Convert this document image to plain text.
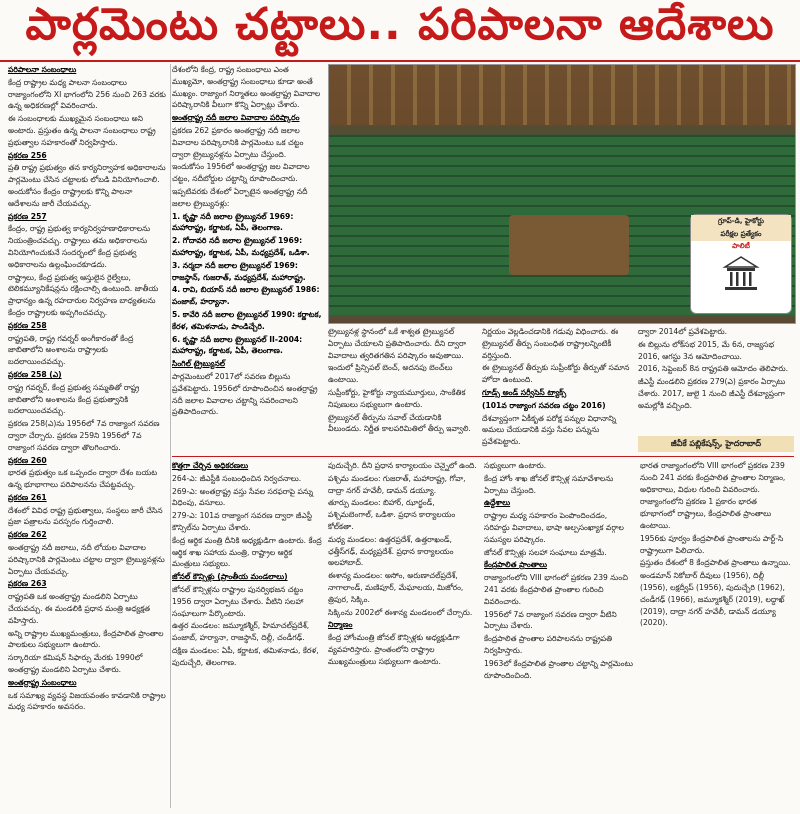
పార్లమెంటు చట్టాలు.. పరిపాలనా ఆదేశాలు

పరిపాలనా సంబంధాలు

కేంద్ర రాష్ట్రాల మధ్య పాలనా సంబంధాలు రాజ్యాంగంలోని XI భాగంలోని 256 నుంచి 263 వరకు ఉన్న అధికరణల్లో వివరించారు.

ఈ సంబంధాలకు ముఖ్యమైన సంబంధాలు అని అంటారు. ప్రస్తుతం ఉన్న పాలనా సంబంధాలు రాష్ట్ర ప్రభుత్వాల సహకారంతో నిర్వహిస్తారు.

ప్రకరణ 256

ప్రతి రాష్ట్ర ప్రభుత్వం తన కార్యనిర్వాహక అధికారాలను పార్లమెంటు చేసిన చట్టాలకు లోబడి వినియోగించాలి. అందుకోసం కేంద్రం రాష్ట్రాలకు కొన్ని పాలనా ఆదేశాలను జారీ చేయవచ్చు.

ప్రకరణ 257

కేంద్రం, రాష్ట్ర ప్రభుత్వ కార్యనిర్వహణాధికారాలను నియంత్రించవచ్చు. రాష్ట్రాలు తమ అధికారాలను వినియోగించుకునే సందర్భంలో కేంద్ర ప్రభుత్వ అధికారాలను ఉల్లంఘించకూడదు.

రాష్ట్రాలు, కేంద్ర ప్రభుత్వ ఆస్తులైన రైల్వేలు, టెలికమ్యూనికేషన్లను రక్షించాల్సి ఉంటుంది. జాతీయ ప్రాధాన్యం ఉన్న రహదారుల నిర్వహణ బాధ్యతలను కేంద్రం రాష్ట్రాలకు అప్పగించవచ్చు.

ప్రకరణ 258

రాష్ట్రపతి, రాష్ట్ర గవర్నర్‌ అంగీకారంతో కేంద్ర జాబితాలోని అంశాలను రాష్ట్రాలకు బదలాయించవచ్చు.

ప్రకరణ 258 (ఎ)

రాష్ట్ర గవర్నర్‌, కేంద్ర ప్రభుత్వ సమ్మతితో రాష్ట్ర జాబితాలోని అంశాలను కేంద్ర ప్రభుత్వానికి బదలాయించవచ్చు.

ప్రకరణ 258(ఎ)ను 1956లో 7వ రాజ్యాంగ సవరణ ద్వారా చేర్చారు. ప్రకరణ 259ని 1956లో 7వ రాజ్యాంగ సవరణ ద్వారా తొలగించారు.

ప్రకరణ 260

భారత ప్రభుత్వం ఒక ఒప్పందం ద్వారా దేశం బయట ఉన్న భూభాగాలు పరిపాలనను చేపట్టవచ్చు.

ప్రకరణ 261

దేశంలో వివిధ రాష్ట్ర ప్రభుత్వాలు, సంస్థలు జారీ చేసిన ప్రజా పత్రాలను పరస్పరం గుర్తించాలి.

ప్రకరణ 262

అంతర్రాష్ట్ర నదీ జలాలు, నదీ లోయల వివాదాల పరిష్కారానికి పార్లమెంటు చట్టాల ద్వారా ట్రైబ్యునళ్లను ఏర్పాటు చేయవచ్చు.

ప్రకరణ 263

రాష్ట్రపతి ఒక అంతర్రాష్ట్ర మండలిని ఏర్పాటు చేయవచ్చు. ఈ మండలికి ప్రధాన మంత్రి అధ్యక్షత వహిస్తారు.

అన్ని రాష్ట్రాల ముఖ్యమంత్రులు, కేంద్రపాలిత ప్రాంతాల పాలకులు సభ్యులుగా ఉంటారు.

సర్కారియా కమిషన్‌ సిఫార్సు మేరకు 1990లో అంతర్రాష్ట్ర మండలిని ఏర్పాటు చేశారు.

అంతర్రాష్ట్ర సంబంధాలు

ఒక సమాఖ్య వ్యవస్థ విజయవంతం కావడానికి రాష్ట్రాల మధ్య సహకారం అవసరం.

దేశంలోని కేంద్ర, రాష్ట్ర సంబంధాలు ఎంత ముఖ్యమో, అంతర్రాష్ట్ర సంబంధాలు కూడా అంతే ముఖ్యం. రాజ్యాంగ నిర్మాతలు అంతర్రాష్ట్ర వివాదాల పరిష్కారానికి వీలుగా కొన్ని ఏర్పాట్లు చేశారు.

అంతర్రాష్ట్ర నదీ జలాల వివాదాల పరిష్కారం

ప్రకరణ 262 ప్రకారం అంతర్రాష్ట్ర నదీ జలాల వివాదాల పరిష్కారానికి పార్లమెంటు ఒక చట్టం ద్వారా ట్రైబ్యునళ్లను ఏర్పాటు చేస్తుంది.

ఇందుకోసం 1956లో అంతర్రాష్ట్ర జల వివాదాల చట్టం, నదీబోర్డుల చట్టాన్ని రూపొందించారు.

ఇప్పటివరకు దేశంలో ఏర్పాటైన అంతర్రాష్ట్ర నదీ జలాల ట్రైబ్యునళ్లు:

1. కృష్ణా నదీ జలాల ట్రైబ్యునల్‌ 1969: మహారాష్ట్ర, కర్ణాటక, ఏపీ, తెలంగాణ.

2. గోదావరి నదీ జలాల ట్రైబ్యునల్‌ 1969: మహారాష్ట్ర, కర్ణాటక, ఏపీ, మధ్యప్రదేశ్‌, ఒడిశా.

3. నర్మదా నదీ జలాల ట్రైబ్యునల్‌ 1969: రాజస్థాన్‌, గుజరాత్‌, మధ్యప్రదేశ్‌, మహారాష్ట్ర.

4. రావి, బియాస్‌ నదీ జలాల ట్రైబ్యునల్‌ 1986: పంజాబ్‌, హర్యానా.

5. కావేరి నదీ జలాల ట్రైబ్యునల్‌ 1990: కర్ణాటక, కేరళ, తమిళనాడు, పాండిచ్చేరి.

6. కృష్ణా నదీ జలాల ట్రైబ్యునల్‌ II-2004: మహారాష్ట్ర, కర్ణాటక, ఏపీ, తెలంగాణ.

సింగిల్‌ ట్రైబ్యునల్‌

పార్లమెంటులో 2017లో సవరణ బిల్లును ప్రవేశపెట్టారు. 1956లో రూపొందించిన అంతర్రాష్ట్ర నదీ జలాల వివాదాల చట్టాన్ని సవరించాలని ప్రతిపాదించారు.

గ్రూప్‌-డి, హైకోర్టు
పరీక్షల ప్రత్యేకం
పాలిటీ

ట్రైబ్యునళ్ల స్థానంలో ఒకే శాశ్వత ట్రైబ్యునల్‌ ఏర్పాటు చేయాలని ప్రతిపాదించారు. దీని ద్వారా వివాదాలు త్వరితగతిన పరిష్కారం అవుతాయి.

ఇందులో ప్రిన్సిపల్‌ బెంచ్‌, అదనపు బెంచ్‌లు ఉంటాయి.

సుప్రీంకోర్టు, హైకోర్టు న్యాయమూర్తులు, సాంకేతిక నిపుణులు సభ్యులుగా ఉంటారు.

ట్రైబ్యునల్‌ తీర్పును సవాల్‌ చేయడానికి వీలుండదు. నిర్ణీత కాలపరిమితిలో తీర్పు ఇవ్వాలి.

నిర్ణయం వెల్లడించడానికి గడువు విధించారు. ఈ ట్రైబ్యునల్‌ తీర్పు సంబంధిత రాష్ట్రాలన్నింటికీ వర్తిస్తుంది.

ఈ ట్రైబ్యునల్‌ తీర్పుకు సుప్రీంకోర్టు తీర్పుతో సమాన హోదా ఉంటుంది.

గూడ్స్‌ అండ్‌ సర్వీసెస్‌ ట్యాక్స్‌

(101వ రాజ్యాంగ సవరణ చట్టం 2016)

దేశవ్యాప్తంగా ఏకీకృత పరోక్ష పన్నుల విధానాన్ని అమలు చేయడానికి వస్తు సేవల పన్నును ప్రవేశపెట్టారు.

ద్వారా 2014లో ప్రవేశపెట్టారు.

ఈ బిల్లును లోక్‌సభ 2015, మే 6న, రాజ్యసభ 2016, ఆగస్టు 3న ఆమోదించాయి.

2016, సెప్టెంబర్‌ 8న రాష్ట్రపతి ఆమోదం తెలిపారు.

జీఎస్టీ మండలిని ప్రకరణ 279(ఎ) ప్రకారం ఏర్పాటు చేశారు. 2017, జులై 1 నుంచి జీఎస్టీ దేశవ్యాప్తంగా అమల్లోకి వచ్చింది.

జీవీకే పబ్లికేషన్స్‌, హైదరాబాద్‌

కొత్తగా చేర్చిన అధికరణలు

264-ఎ: జీఎస్టీకి సంబంధించిన నిర్వచనాలు.

269-ఎ: అంతర్రాష్ట్ర వస్తు సేవల సరఫరాపై పన్ను విధింపు, వసూలు.

279-ఎ: 101వ రాజ్యాంగ సవరణ ద్వారా జీఎస్టీ కౌన్సిల్‌ను ఏర్పాటు చేశారు.

కేంద్ర ఆర్థిక మంత్రి దీనికి అధ్యక్షుడిగా ఉంటారు. కేంద్ర ఆర్థిక శాఖ సహాయ మంత్రి, రాష్ట్రాల ఆర్థిక మంత్రులు సభ్యులు.

జోనల్‌ కౌన్సిళ్లు (ప్రాంతీయ మండలాలు)

జోనల్‌ కౌన్సిళ్లను రాష్ట్రాల పునర్విభజన చట్టం 1956 ద్వారా ఏర్పాటు చేశారు. వీటిని సలహా సంఘాలుగా పేర్కొంటారు.

ఉత్తర మండలం: జమ్మూకశ్మీర్‌, హిమాచల్‌ప్రదేశ్‌, పంజాబ్‌, హర్యానా, రాజస్థాన్‌, దిల్లీ, చండీగఢ్‌.

దక్షిణ మండలం: ఏపీ, కర్ణాటక, తమిళనాడు, కేరళ, పుదుచ్చేరి, తెలంగాణ.

పుదుచ్చేరి. దీని ప్రధాన కార్యాలయం చెన్నైలో ఉంది.

పశ్చిమ మండలం: గుజరాత్‌, మహారాష్ట్ర, గోవా, దాద్రా నగర్‌ హవేలీ, డామన్‌ డయ్యూ.

తూర్పు మండలం: బిహార్‌, ఝార్ఖండ్‌, పశ్చిమబెంగాల్‌, ఒడిశా. ప్రధాన కార్యాలయం కోల్‌కతా.

మధ్య మండలం: ఉత్తరప్రదేశ్‌, ఉత్తరాఖండ్‌, ఛత్తీస్‌గఢ్‌, మధ్యప్రదేశ్‌. ప్రధాన కార్యాలయం అలహాబాద్‌.

ఈశాన్య మండలం: అసోం, అరుణాచల్‌ప్రదేశ్‌, నాగాలాండ్‌, మణిపూర్‌, మేఘాలయ, మిజోరం, త్రిపుర, సిక్కిం.

సిక్కింను 2002లో ఈశాన్య మండలంలో చేర్చారు.

నిర్మాణం

కేంద్ర హోంమంత్రి జోనల్‌ కౌన్సిళ్లకు అధ్యక్షుడిగా వ్యవహరిస్తారు. ప్రాంతంలోని రాష్ట్రాల ముఖ్యమంత్రులు సభ్యులుగా ఉంటారు.

సభ్యులుగా ఉంటారు.

కేంద్ర హోం శాఖ జోనల్‌ కౌన్సిళ్ల సమావేశాలను ఏర్పాటు చేస్తుంది.

ఉద్దేశాలు

రాష్ట్రాల మధ్య సహకారం పెంపొందించడం, సరిహద్దు వివాదాలు, భాషా అల్పసంఖ్యాక వర్గాల సమస్యల పరిష్కారం.

జోనల్‌ కౌన్సిళ్లు సలహా సంఘాలు మాత్రమే.

కేంద్రపాలిత ప్రాంతాలు

రాజ్యాంగంలోని VIII భాగంలో ప్రకరణ 239 నుంచి 241 వరకు కేంద్రపాలిత ప్రాంతాల గురించి వివరించారు.

1956లో 7వ రాజ్యాంగ సవరణ ద్వారా వీటిని ఏర్పాటు చేశారు.

కేంద్రపాలిత ప్రాంతాల పరిపాలనను రాష్ట్రపతి నిర్వహిస్తారు.

1963లో కేంద్రపాలిత ప్రాంతాల చట్టాన్ని పార్లమెంటు రూపొందించింది.

భారత రాజ్యాంగంలోని VIII భాగంలో ప్రకరణ 239 నుంచి 241 వరకు కేంద్రపాలిత ప్రాంతాల నిర్మాణం, అధికారాలు, విధుల గురించి వివరించారు.

రాజ్యాంగంలోని ప్రకరణ 1 ప్రకారం భారత భూభాగంలో రాష్ట్రాలు, కేంద్రపాలిత ప్రాంతాలు ఉంటాయి.

1956కు పూర్వం కేంద్రపాలిత ప్రాంతాలను పార్ట్‌-సి రాష్ట్రాలుగా పిలిచారు.

ప్రస్తుతం దేశంలో 8 కేంద్రపాలిత ప్రాంతాలు ఉన్నాయి.

అండమాన్‌ నికోబార్‌ దీవులు (1956), దిల్లీ (1956), లక్షద్వీప్‌ (1956), పుదుచ్చేరి (1962), చండీగఢ్‌ (1966), జమ్మూకశ్మీర్‌ (2019), లద్దాఖ్‌ (2019), దాద్రా నగర్‌ హవేలీ, డామన్‌ డయ్యూ (2020).
